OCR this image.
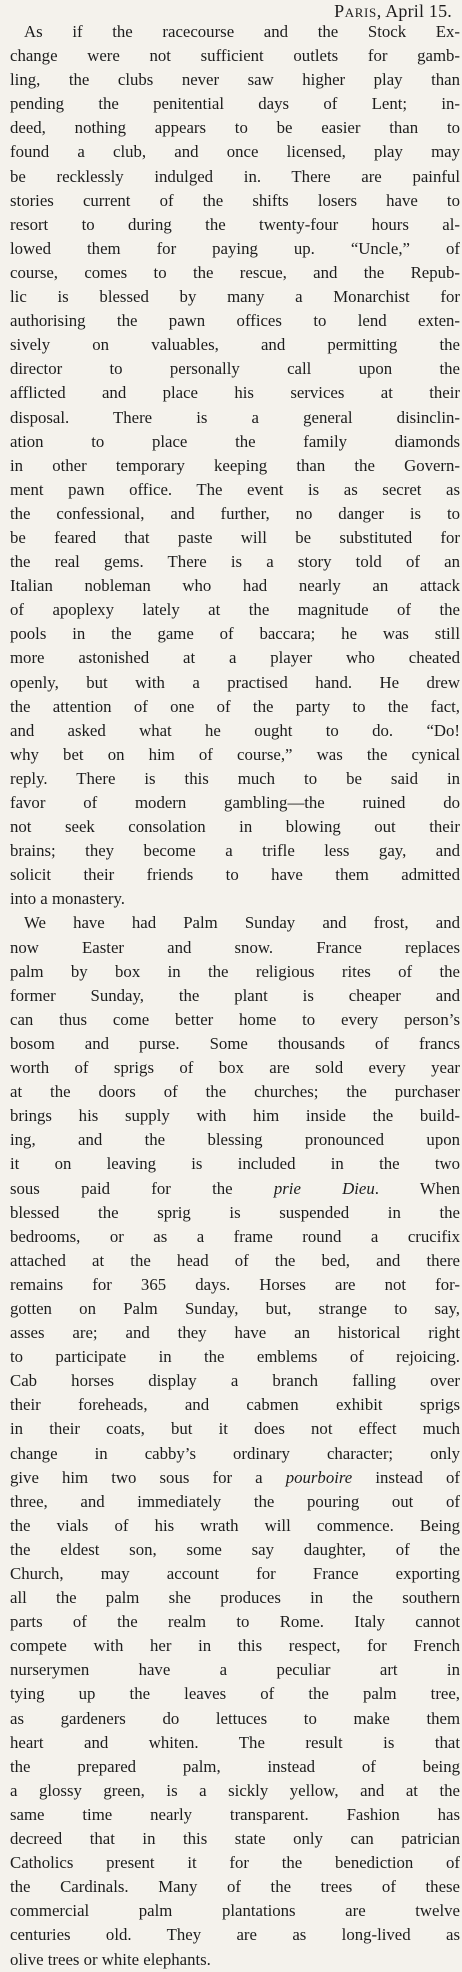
Paris, April 15.

As if the racecourse and the Stock Ex-
change were not sufficient outlets for gamb-
ling, the clubs never saw higher play than
pending the penitential days of Lent; in-
deed, nothing appears to be easier than to
found a club, and once licensed, play may
be recklessly indulged in. There are painful
stories current of the shifts losers have to
resort to during the twenty-four hours al-
lowed them for paying up. “Uncle,” of
course, comes to the rescue, and the Repub-
lic is blessed by many a Monarchist for
authorising the pawn offices to lend exten-
sively on valuables, and permitting the
director to personally call upon the
afflicted and place his services at their
disposal. There is a general disinclin-
ation to place the family diamonds
in other temporary keeping than the Govern-
ment pawn office. The event is as secret as
the confessional, and further, no danger is to
be feared that paste will be substituted for
the real gems. There is a story told of an
Italian nobleman who had nearly an attack
of apoplexy lately at the magnitude of the
pools in the game of baccara; he was still
more astonished at a player who cheated
openly, but with a practised hand. He drew
the attention of one of the party to the fact,
and asked what he ought to do. “Do!
why bet on him of course,” was the cynical
reply. There is this much to be said in
favor of modern gambling—the ruined do
not seek consolation in blowing out their
brains; they become a trifle less gay, and
solicit their friends to have them admitted
into a monastery.

We have had Palm Sunday and frost, and
now Easter and snow. France replaces
palm by box in the religious rites of the
former Sunday, the plant is cheaper and
can thus come better home to every person’s
bosom and purse. Some thousands of francs
worth of sprigs of box are sold every year
at the doors of the churches; the purchaser
brings his supply with him inside the build-
ing, and the blessing pronounced upon
it on leaving is included in the two
sous paid for the prie Dieu. When
blessed the sprig is suspended in the
bedrooms, or as a frame round a crucifix
attached at the head of the bed, and there
remains for 365 days. Horses are not for-
gotten on Palm Sunday, but, strange to say,
asses are; and they have an historical right
to participate in the emblems of rejoicing.
Cab horses display a branch falling over
their foreheads, and cabmen exhibit sprigs
in their coats, but it does not effect much
change in cabby’s ordinary character; only
give him two sous for a pourboire instead of
three, and immediately the pouring out of
the vials of his wrath will commence. Being
the eldest son, some say daughter, of the
Church, may account for France exporting
all the palm she produces in the southern
parts of the realm to Rome. Italy cannot
compete with her in this respect, for French
nurserymen have a peculiar art in
tying up the leaves of the palm tree,
as gardeners do lettuces to make them
heart and whiten. The result is that
the prepared palm, instead of being
a glossy green, is a sickly yellow, and at the
same time nearly transparent. Fashion has
decreed that in this state only can patrician
Catholics present it for the benediction of
the Cardinals. Many of the trees of these
commercial palm plantations are twelve
centuries old. They are as long-lived as
olive trees or white elephants.
